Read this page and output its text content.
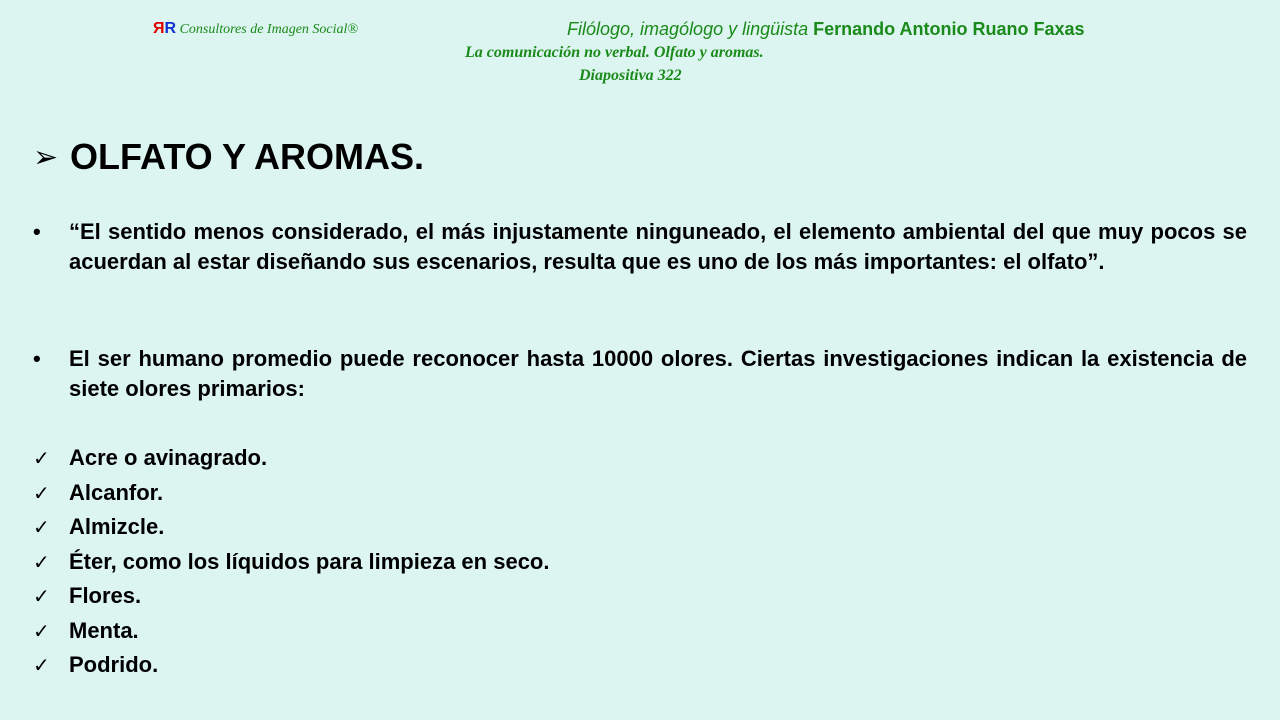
ЯR Consultores de Imagen Social®	Filólogo, imagólogo y lingüista Fernando Antonio Ruano Faxas
La comunicación no verbal. Olfato y aromas.
Diapositiva 322
➢ OLFATO Y AROMAS.
•	“El sentido menos considerado, el más injustamente ninguneado, el elemento ambiental del que muy pocos se acuerdan al estar diseñando sus escenarios, resulta que es uno de los más importantes: el olfato”.
•	El ser humano promedio puede reconocer hasta 10000 olores. Ciertas investigaciones indican la existencia de siete olores primarios:
✓ Acre o avinagrado.
✓ Alcanfor.
✓ Almizcle.
✓ Éter, como los líquidos para limpieza en seco.
✓ Flores.
✓ Menta.
✓ Podrido.
